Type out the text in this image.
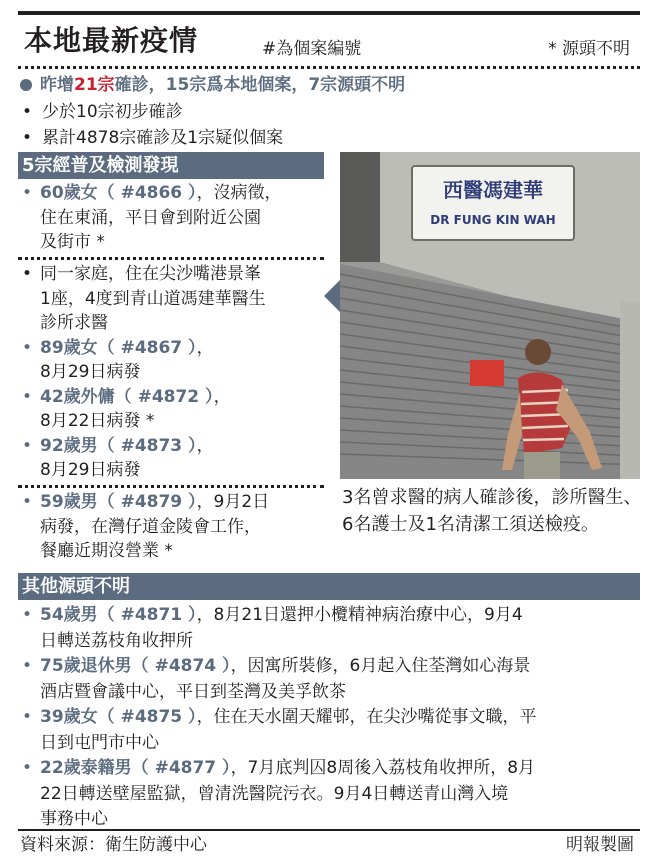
本地最新疫情	#為個案編號	* 源頭不明
昨增21宗確診，15宗爲本地個案，7宗源頭不明
• 少於10宗初步確診
• 累計4878宗確診及1宗疑似個案
5宗經普及檢測發現
• 60歲女（ #4866 ），沒病徵，
住在東涌，平日會到附近公園
及街市 *
• 同一家庭，住在尖沙嘴港景峯
1座，4度到青山道馮建華醫生
診所求醫
• 89歲女（ #4867 ），
8月29日病發
• 42歲外傭（ #4872 ），
8月22日病發 *
• 92歲男（ #4873 ），
8月29日病發
• 59歲男（ #4879 ），9月2日
病發，在灣仔道金陵會工作，
餐廳近期沒營業 *
西醫馮建華
DR FUNG KIN WAH
3名曾求醫的病人確診後，診所醫生、6名護士及1名清潔工須送檢疫。
其他源頭不明
• 54歲男（ #4871 ），8月21日還押小欖精神病治療中心，9月4
日轉送荔枝角收押所
• 75歲退休男（ #4874 ），因寓所裝修，6月起入住荃灣如心海景
酒店暨會議中心，平日到荃灣及美孚飲茶
• 39歲女（ #4875 ），住在天水圍天耀邨，在尖沙嘴從事文職，平
日到屯門市中心
• 22歲泰籍男（ #4877 ），7月底判囚8周後入荔枝角收押所，8月
22日轉送壁屋監獄，曾清洗醫院污衣。9月4日轉送青山灣入境
事務中心
資料來源：衛生防護中心	明報製圖
